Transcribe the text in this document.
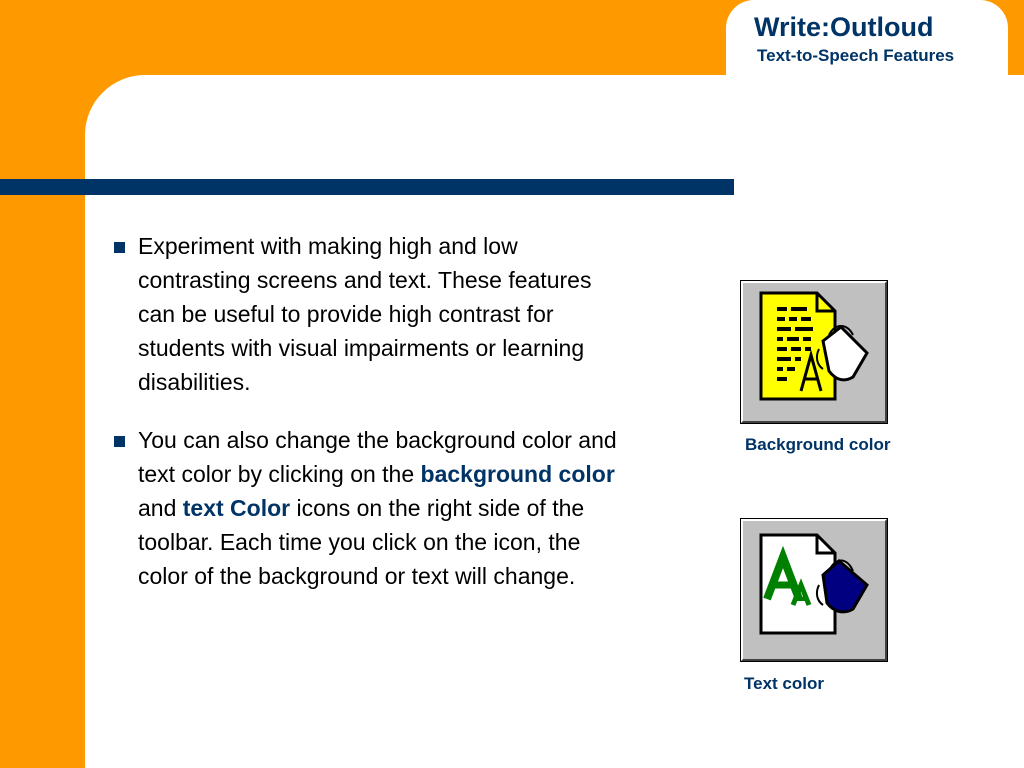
Write:Outloud
Text-to-Speech Features
Experiment with making high and low contrasting screens and text. These features can be useful to provide high contrast for students with visual impairments or learning disabilities.
You can also change the background color and text color by clicking on the background color and text Color icons on the right side of the toolbar. Each time you click on the icon, the color of the background or text will change.
Background color
Text color
